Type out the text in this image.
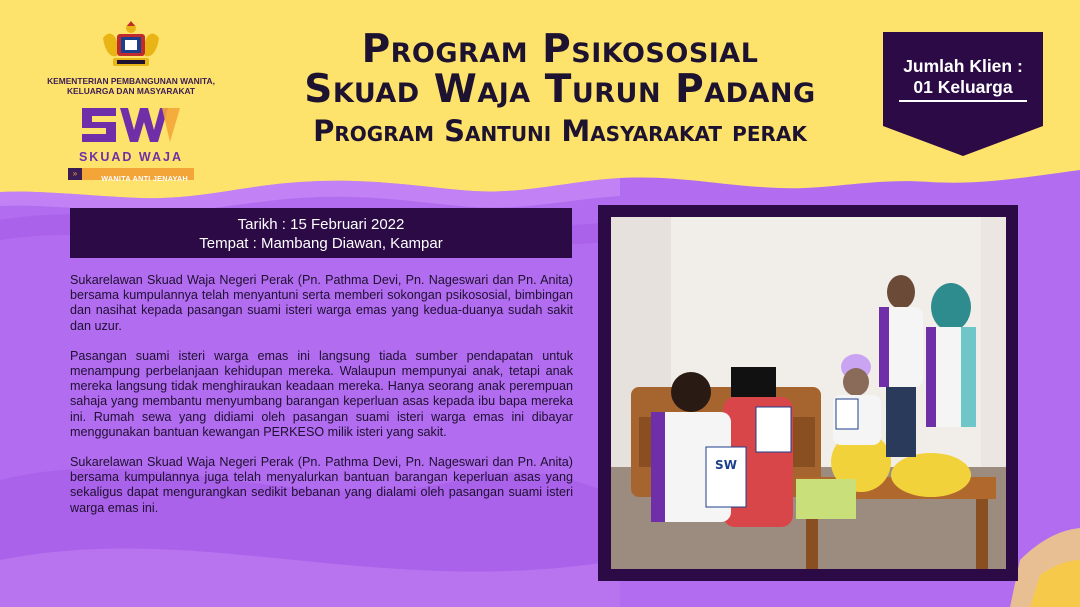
KEMENTERIAN PEMBANGUNAN WANITA,
KELUARGA DAN MASYARAKAT
SKUAD WAJA
»
WANITA ANTI JENAYAH
Program Psikososial
Skuad Waja Turun Padang
Program Santuni Masyarakat perak
Jumlah Klien :
01 Keluarga
Tarikh : 15 Februari 2022
Tempat : Mambang Diawan, Kampar

Sukarelawan Skuad Waja Negeri Perak (Pn. Pathma Devi, Pn. Nageswari dan Pn. Anita) bersama kumpulannya telah menyantuni serta memberi sokongan psikososial, bimbingan dan nasihat kepada pasangan suami isteri warga emas yang kedua-duanya sudah sakit dan uzur.

Pasangan suami isteri warga emas ini langsung tiada sumber pendapatan untuk menampung perbelanjaan kehidupan mereka. Walaupun mempunyai anak, tetapi anak mereka langsung tidak menghiraukan keadaan mereka. Hanya seorang anak perempuan sahaja yang membantu menyumbang barangan keperluan asas kepada ibu bapa mereka ini. Rumah sewa yang didiami oleh pasangan suami isteri warga emas ini dibayar menggunakan bantuan kewangan PERKESO milik isteri yang sakit.

Sukarelawan Skuad Waja Negeri Perak (Pn. Pathma Devi, Pn. Nageswari dan Pn. Anita) bersama kumpulannya juga telah menyalurkan bantuan barangan keperluan asas yang sekaligus dapat mengurangkan sedikit bebanan yang dialami oleh pasangan suami isteri warga emas ini.

SW
